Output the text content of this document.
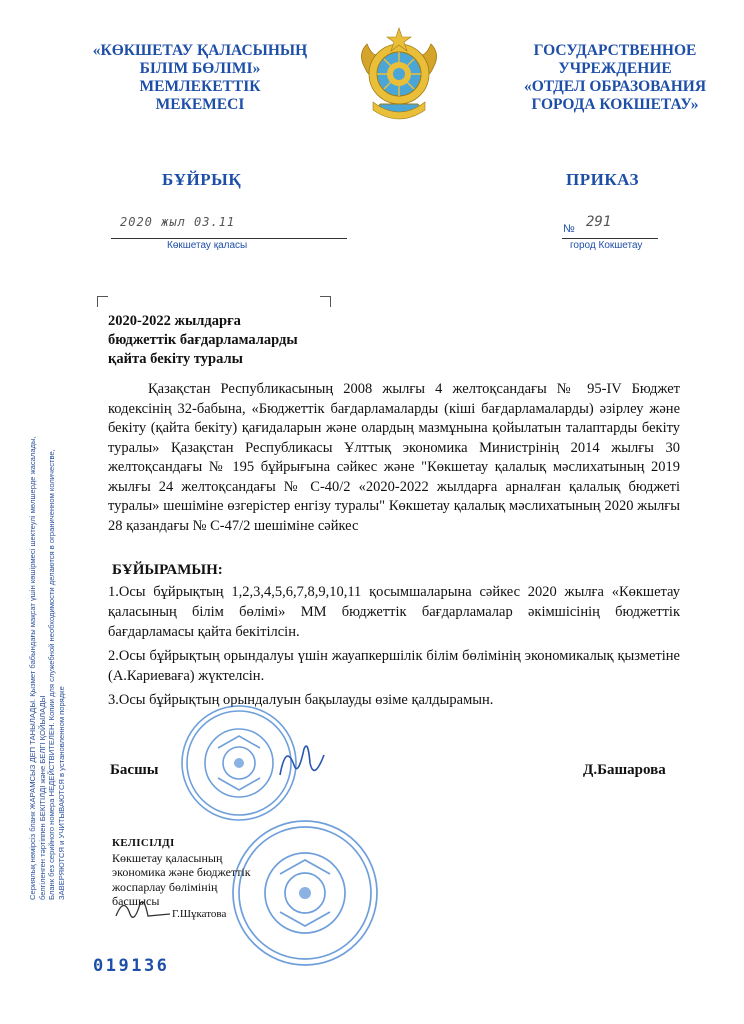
«КӨКШЕТАУ ҚАЛАСЫНЫҢ
БІЛІМ БӨЛІМІ»
МЕМЛЕКЕТТІК
МЕКЕМЕСІ
ГОСУДАРСТВЕННОЕ
УЧРЕЖДЕНИЕ
«ОТДЕЛ ОБРАЗОВАНИЯ
ГОРОДА КОКШЕТАУ»
БҰЙРЫҚ	ПРИКАЗ
2020 жыл 03.11
Көкшетау қаласы
№ 291
город Кокшетау
2020-2022 жылдарға
бюджеттік бағдарламаларды
қайта бекіту туралы

Қазақстан Республикасының 2008 жылғы 4 желтоқсандағы № 95-IV Бюджет кодексінің 32-бабына, «Бюджеттік бағдарламаларды (кіші бағдарламаларды) әзірлеу және бекіту (қайта бекіту) қағидаларын және олардың мазмұнына қойылатын талаптарды бекіту туралы» Қазақстан Республикасы Ұлттық экономика Министрінің 2014 жылғы 30 желтоқсандағы № 195 бұйрығына сәйкес және "Көкшетау қалалық мәслихатының 2019 жылғы 24 желтоқсандағы № С-40/2 «2020-2022 жылдарға арналған қалалық бюджеті туралы» шешіміне өзгерістер енгізу туралы" Көкшетау қалалық мәслихатының 2020 жылғы 28 қазандағы № С-47/2 шешіміне сәйкес

БҰЙЫРАМЫН:

1.Осы бұйрықтың 1,2,3,4,5,6,7,8,9,10,11 қосымшаларына сәйкес 2020 жылға «Көкшетау қаласының білім бөлімі» ММ бюджеттік бағдарламалар әкімшісінің бюджеттік бағдарламасы қайта бекітілсін.

2.Осы бұйрықтың орындалуы үшін жауапкершілік білім бөлімінің экономикалық қызметіне (А.Кариеваға) жүктелсін.

3.Осы бұйрықтың орындалуын бақылауды өзіме қалдырамын.

Басшы	Д.Башарова
КЕЛІСІЛДІ
Көкшетау қаласының
экономика және бюджеттік
жоспарлау бөлімінің
басшысы
Г.Шұкатова
019136

Сериялық нөмірсіз бланк ЖАРАМСЫЗ ДЕП ТАНЫЛАДЫ. Қызмет бабындағы мақсат үшін көшірмесі шектеулі мөлшерде жасалады, белгіленген тәртіппен БЕКІТІЛДІ және БЕЛГІ ҚОЙЫЛАДЫ Бланк без серийного номера НЕДЕЙСТВИТЕЛЕН. Копии для служебной необходимости делаются в ограниченном количестве, ЗАВЕРЯЮТСЯ и УЧИТЫВАЮТСЯ в установленном порядке
